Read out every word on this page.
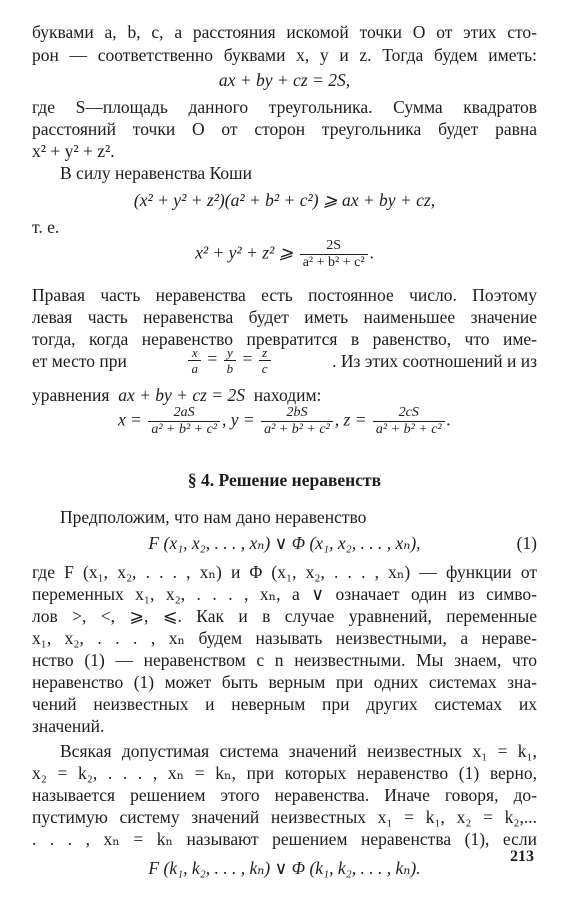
буквами a, b, c, а расстояния искомой точки O от этих сто-
рон — соответственно буквами x, y и z. Тогда будем иметь:
ax + by + cz = 2S,
где S—площадь данного треугольника. Сумма квадратов
расстояний точки O от сторон треугольника будет равна
x² + y² + z².
В силу неравенства Коши
(x² + y² + z²)(a² + b² + c²) ⩾ ax + by + cz,
т. е.
x² + y² + z² ⩾ $\frac{2S}{\text{a² + b² + c²}}$ .
Правая часть неравенства есть постоянное число. Поэтому
левая часть неравенства будет иметь наименьшее значение
тогда, когда неравенство превратится в равенство, что име-
ет место при	$\frac{x}{a} = \frac{y}{b} = \frac{z}{c}$	. Из этих соотношений и из
уравнения ax + by + cz = 2S находим:
$x = \frac{2aS}{\text{a² + b² + c²}}$ , $y = \frac{2bS}{\text{a² + b² + c²}}$ , $z = \frac{2cS}{\text{a² + b² + c²}}$ .
§ 4. Решение неравенств
Предположим, что нам дано неравенство
F (x₁, x₂, . . . , xₙ) ∨ Φ (x₁, x₂, . . . , xₙ),	(1)
где F (x₁, x₂, . . . , xₙ) и Φ (x₁, x₂, . . . , xₙ) — функции от
переменных x₁, x₂, . . . , xₙ, а ∨ означает один из симво-
лов >, <, ⩾, ⩽. Как и в случае уравнений, переменные
x₁, x₂, . . . , xₙ будем называть неизвестными, а нераве-
нство (1) — неравенством с n неизвестными. Мы знаем, что
неравенство (1) может быть верным при одних системах зна-
чений неизвестных и неверным при других системах их
значений.
Всякая допустимая система значений неизвестных x₁ = k₁,
x₂ = k₂, . . . , xₙ = kₙ, при которых неравенство (1) верно,
называется решением этого неравенства. Иначе говоря, до-
пустимую систему значений неизвестных x₁ = k₁, x₂ = k₂,...
. . . , xₙ = kₙ называют решением неравенства (1), если
F (k₁, k₂, . . . , kₙ) ∨ Φ (k₁, k₂, . . . , kₙ).
213
